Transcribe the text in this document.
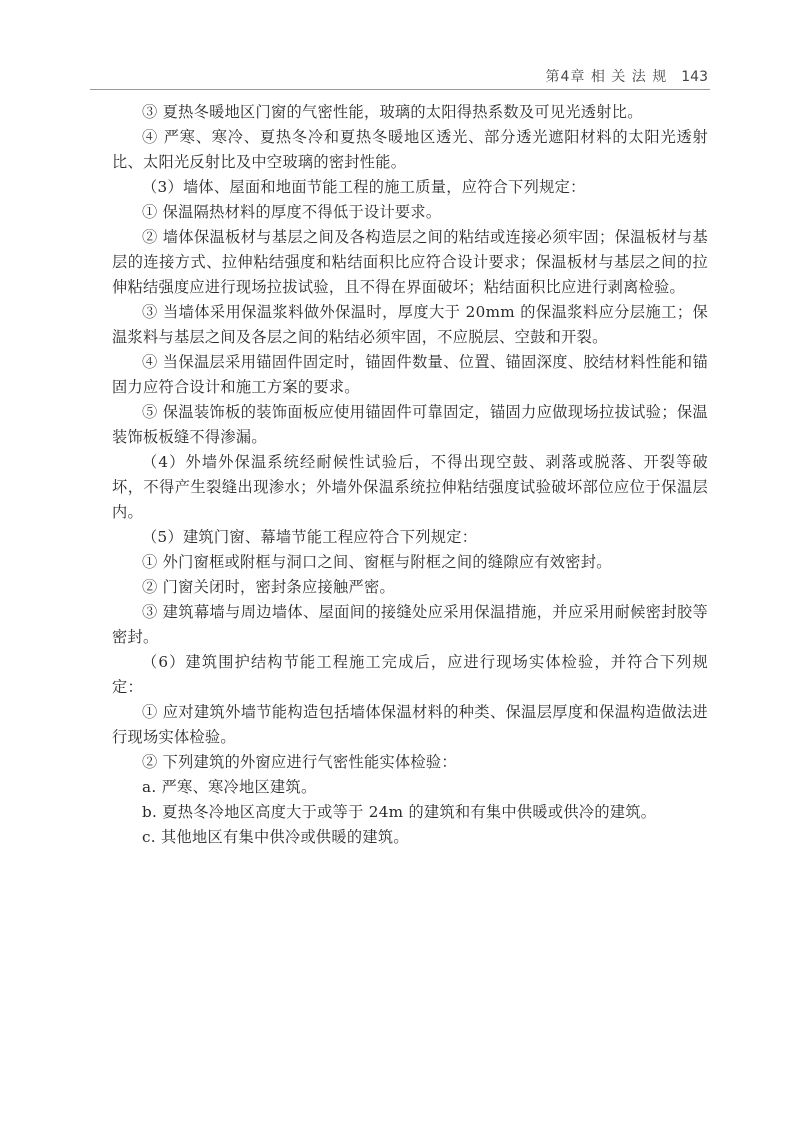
第4章 相 关 法 规 143

③ 夏热冬暖地区门窗的气密性能，玻璃的太阳得热系数及可见光透射比。

④ 严寒、寒冷、夏热冬冷和夏热冬暖地区透光、部分透光遮阳材料的太阳光透射比、太阳光反射比及中空玻璃的密封性能。

（3）墙体、屋面和地面节能工程的施工质量，应符合下列规定：

① 保温隔热材料的厚度不得低于设计要求。

② 墙体保温板材与基层之间及各构造层之间的粘结或连接必须牢固；保温板材与基层的连接方式、拉伸粘结强度和粘结面积比应符合设计要求；保温板材与基层之间的拉伸粘结强度应进行现场拉拔试验，且不得在界面破坏；粘结面积比应进行剥离检验。

③ 当墙体采用保温浆料做外保温时，厚度大于 20mm 的保温浆料应分层施工；保温浆料与基层之间及各层之间的粘结必须牢固，不应脱层、空鼓和开裂。

④ 当保温层采用锚固件固定时，锚固件数量、位置、锚固深度、胶结材料性能和锚固力应符合设计和施工方案的要求。

⑤ 保温装饰板的装饰面板应使用锚固件可靠固定，锚固力应做现场拉拔试验；保温装饰板板缝不得渗漏。

（4）外墙外保温系统经耐候性试验后，不得出现空鼓、剥落或脱落、开裂等破坏，不得产生裂缝出现渗水；外墙外保温系统拉伸粘结强度试验破坏部位应位于保温层内。

（5）建筑门窗、幕墙节能工程应符合下列规定：

① 外门窗框或附框与洞口之间、窗框与附框之间的缝隙应有效密封。

② 门窗关闭时，密封条应接触严密。

③ 建筑幕墙与周边墙体、屋面间的接缝处应采用保温措施，并应采用耐候密封胶等密封。

（6）建筑围护结构节能工程施工完成后，应进行现场实体检验，并符合下列规定：

① 应对建筑外墙节能构造包括墙体保温材料的种类、保温层厚度和保温构造做法进行现场实体检验。

② 下列建筑的外窗应进行气密性能实体检验：

a. 严寒、寒冷地区建筑。

b. 夏热冬冷地区高度大于或等于 24m 的建筑和有集中供暖或供冷的建筑。

c. 其他地区有集中供冷或供暖的建筑。
